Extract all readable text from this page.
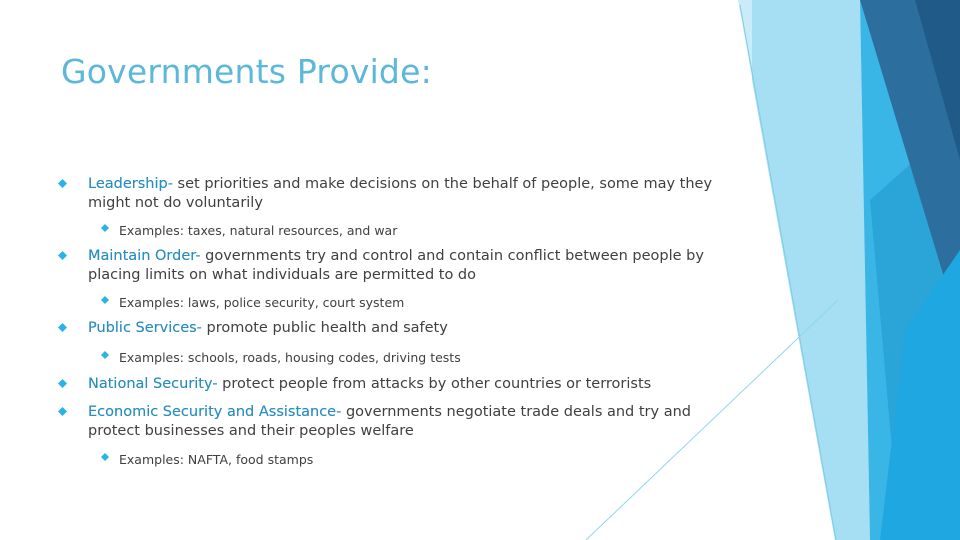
Governments Provide:
Leadership- set priorities and make decisions on the behalf of people, some may they might not do voluntarily
Examples: taxes, natural resources, and war
Maintain Order- governments try and control and contain conflict between people by placing limits on what individuals are permitted to do
Examples: laws, police security, court system
Public Services- promote public health and safety
Examples: schools, roads, housing codes, driving tests
National Security- protect people from attacks by other countries or terrorists
Economic Security and Assistance- governments negotiate trade deals and try and protect businesses and their peoples welfare
Examples: NAFTA, food stamps
